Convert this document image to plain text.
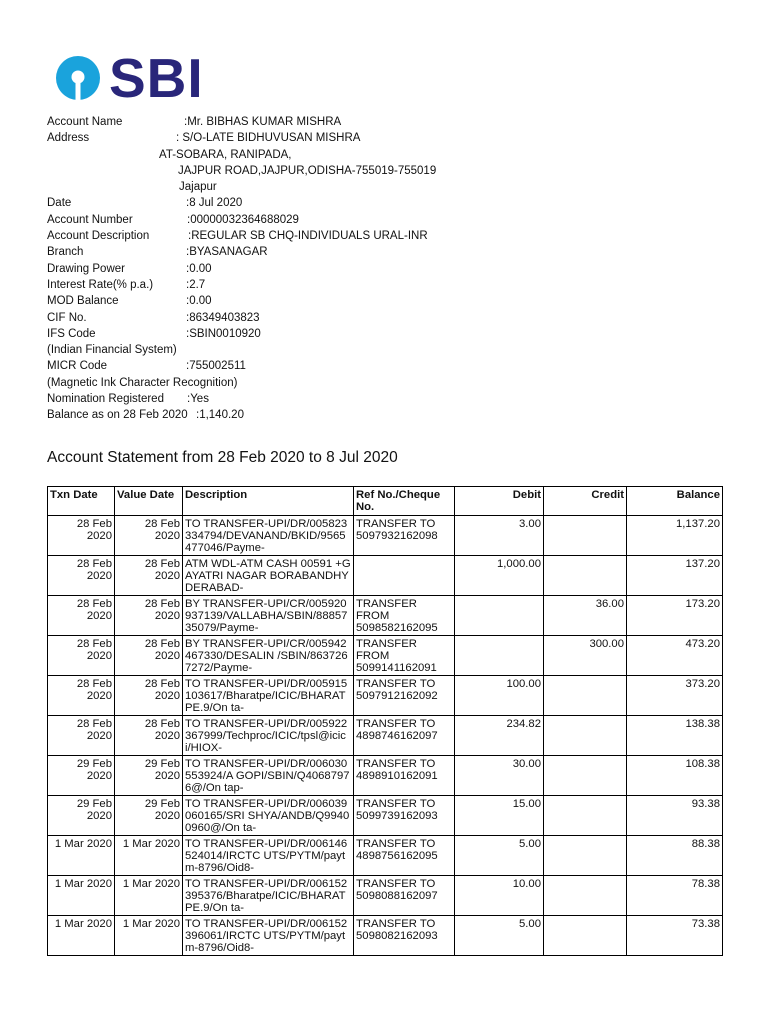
SBI
Account Name	:Mr. BIBHAS KUMAR MISHRA
Address	: S/O-LATE BIDHUVUSAN MISHRA
AT-SOBARA, RANIPADA,
JAJPUR ROAD,JAJPUR,ODISHA-755019-755019
Jajapur
Date	:8 Jul 2020
Account Number	:00000032364688029
Account Description	:REGULAR SB CHQ-INDIVIDUALS URAL-INR
Branch	:BYASANAGAR
Drawing Power	:0.00
Interest Rate(% p.a.)	:2.7
MOD Balance	:0.00
CIF No.	:86349403823
IFS Code	:SBIN0010920
(Indian Financial System)
MICR Code	:755002511
(Magnetic Ink Character Recognition)
Nomination Registered :Yes
Balance as on 28 Feb 2020 :1,140.20
Account Statement from 28 Feb 2020 to 8 Jul 2020
Txn Date	Value Date	Description	Ref No./Cheque No.	Debit	Credit	Balance

28 Feb 2020	28 Feb 2020	TO TRANSFER-UPI/DR/005823334794/DEVANAND/BKID/9565477046/Payme-	TRANSFER TO 5097932162098	3.00		1,137.20

28 Feb 2020	28 Feb 2020	ATM WDL-ATM CASH 00591 +GAYATRI NAGAR BORABANDHYDERABAD-		1,000.00		137.20

28 Feb 2020	28 Feb 2020	BY TRANSFER-UPI/CR/005920937139/VALLABHA/SBIN/8885735079/Payme-	TRANSFER FROM 5098582162095		36.00	173.20

28 Feb 2020	28 Feb 2020	BY TRANSFER-UPI/CR/005942467330/DESALIN /SBIN/8637267272/Payme-	TRANSFER FROM 5099141162091		300.00	473.20

28 Feb 2020	28 Feb 2020	TO TRANSFER-UPI/DR/005915103617/Bharatpe/ICIC/BHARATPE.9/On ta-	TRANSFER TO 5097912162092	100.00		373.20

28 Feb 2020	28 Feb 2020	TO TRANSFER-UPI/DR/005922367999/Techproc/ICIC/tpsl@icici/HIOX-	TRANSFER TO 4898746162097	234.82		138.38

29 Feb 2020	29 Feb 2020	TO TRANSFER-UPI/DR/006030553924/A GOPI/SBIN/Q40687976@/On tap-	TRANSFER TO 4898910162091	30.00		108.38

29 Feb 2020	29 Feb 2020	TO TRANSFER-UPI/DR/006039060165/SRI SHYA/ANDB/Q99400960@/On ta-	TRANSFER TO 5099739162093	15.00		93.38

1 Mar 2020	1 Mar 2020	TO TRANSFER-UPI/DR/006146524014/IRCTC UTS/PYTM/paytm-8796/Oid8-	TRANSFER TO 4898756162095	5.00		88.38

1 Mar 2020	1 Mar 2020	TO TRANSFER-UPI/DR/006152395376/Bharatpe/ICIC/BHARATPE.9/On ta-	TRANSFER TO 5098088162097	10.00		78.38

1 Mar 2020	1 Mar 2020	TO TRANSFER-UPI/DR/006152396061/IRCTC UTS/PYTM/paytm-8796/Oid8-	TRANSFER TO 5098082162093	5.00		73.38
